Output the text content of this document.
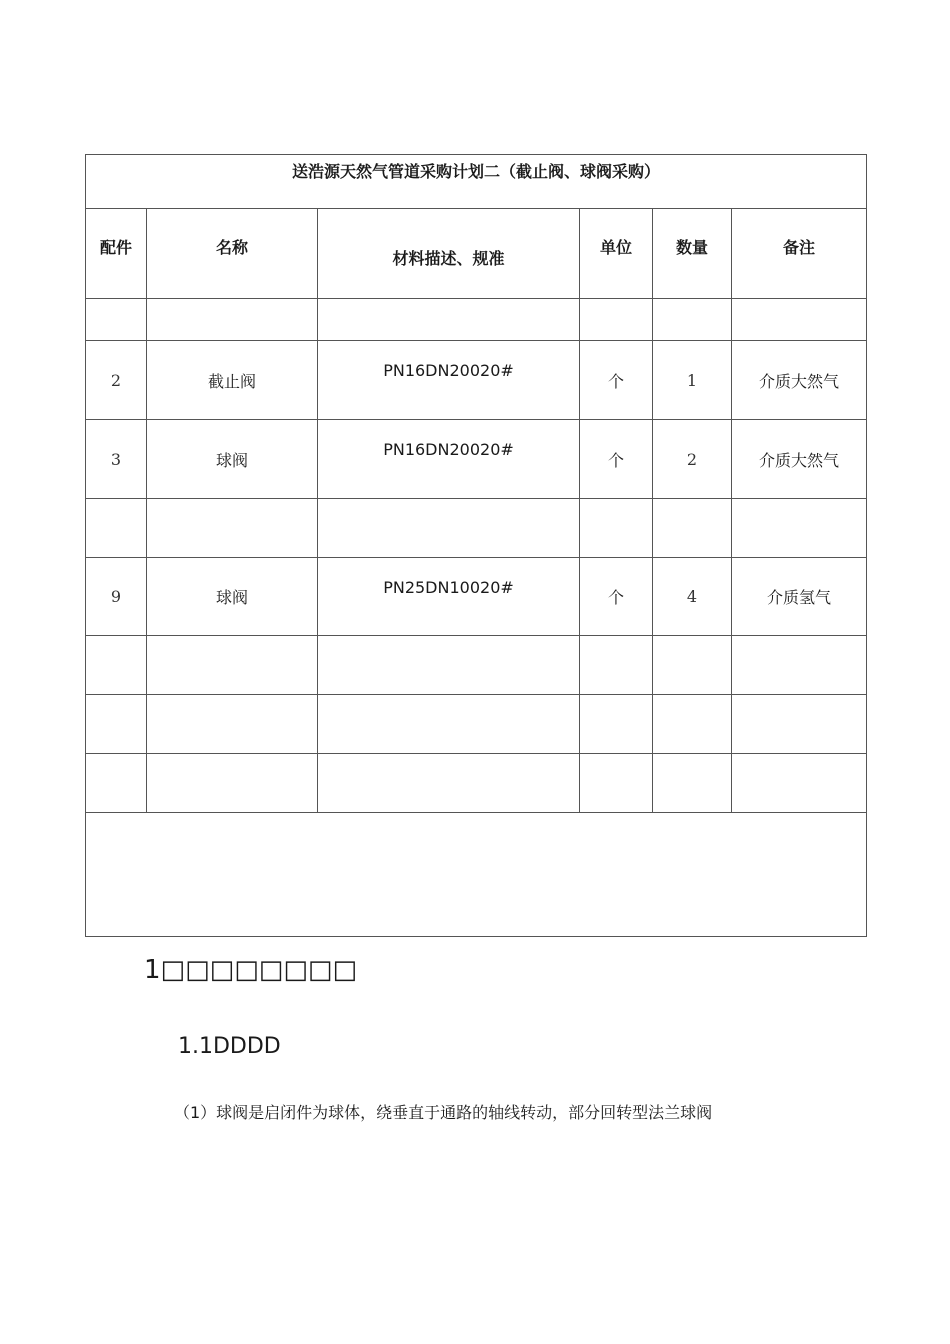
送浩源天然气管道采购计划二（截止阀、球阀采购）					

配件	名称	材料描述、规准	单位	数量	备注

2	截止阀	PN16DN20020#	个	1	介质大然气
3	球阀	PN16DN20020#	个	2	介质大然气

9	球阀	PN25DN10020#	个	4	介质氢气

1□□□□□□□□
1.1DDDD
（1）球阀是启闭件为球体，绕垂直于通路的轴线转动，部分回转型法兰球阀
